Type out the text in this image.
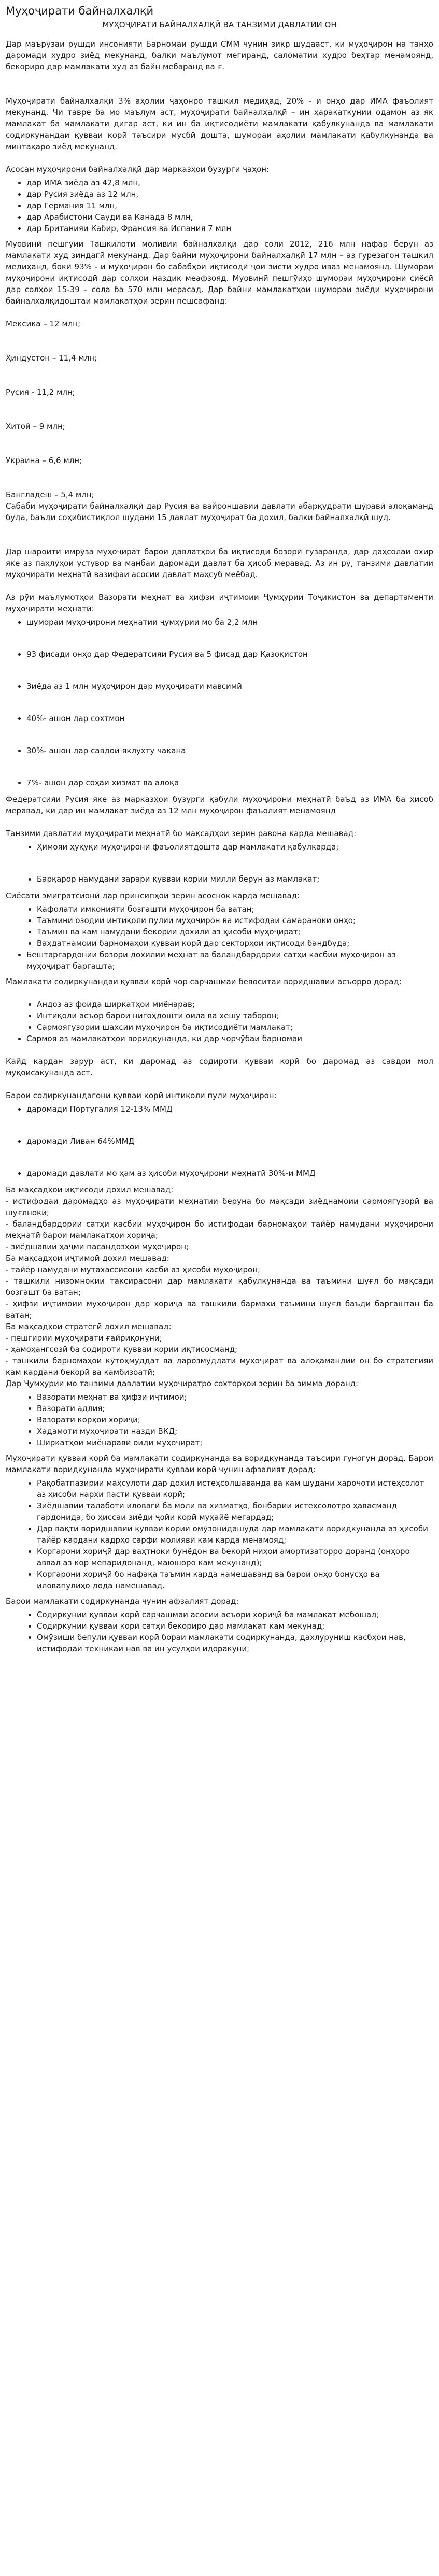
Муҳоҷирати байналхалқӣ
МУҲОҶИРАТИ БАЙНАЛХАЛҚӢ ВА ТАНЗИМИ ДАВЛАТИИ ОН

Дар маърӯзаи рушди инсонияти Барномаи рушди СММ чунин зикр шудааст, ки муҳоҷирон на танҳо даромади худро зиёд мекунанд, балки маълумот мегиранд, саломатии худро беҳтар менамоянд, бекориро дар мамлакати худ аз байн мебаранд ва ғ.

Муҳоҷирати байналхалқӣ 3% аҳолии ҷаҳонро ташкил медиҳад, 20% - и онҳо дар ИМА фаъолият мекунанд. Чи тавре ба мо маълум аст, муҳоҷирати байналхалқӣ – ин ҳаракаткунии одамон аз як мамлакат ба мамлакати дигар аст, ки ин ба иқтисодиёти мамлакати қабулкунанда ва мамлакати содиркунандаи қувваи корӣ таъсири мусбӣ дошта, шумораи аҳолии мамлакати қабулкунанда ва минтақаро зиёд мекунанд.

Асосан муҳоҷирони байналхалқӣ дар марказҳои бузурги ҷаҳон:

• дар ИМА зиёда аз 42,8 млн,
• дар Русия зиёда аз 12 млн,
• дар Германия 11 млн,
• дар Арабистони Саудӣ ва Канада 8 млн,
• дар Британияи Кабир, Франсия ва Испания 7 млн

Муовинӣ пешгӯии Ташкилоти моливии байналхалқӣ дар соли 2012, 216 млн нафар берун аз мамлакати худ зиндагӣ мекунанд. Дар байни муҳоҷирони байналхалқӣ 17 млн – аз гурезагон ташкил медиҳанд, бокӣ 93% - и муҳоҷирон бо сабабҳои иқтисодӣ ҷои зисти худро иваз менамоянд. Шумораи муҳоҷирони иқтисодӣ дар солҳои наздик меафзояд. Муовинӣ пешгӯиҳо шумораи муҳоҷирони сиёсӣ дар солҳои 15-39 – сола ба 570 млн мерасад. Дар байни мамлакатҳои шумораи зиёди муҳоҷирони байналхалқидоштаи мамлакатҳои зерин пешсафанд:

Мексика – 12 млн;

Ҳиндустон – 11,4 млн;

Русия - 11,2 млн;

Хитой – 9 млн;

Украина – 6,6 млн;

Бангладеш – 5,4 млн;

Сабаби муҳоҷирати байналхалқӣ дар Русия ва вайроншавии давлати абарқудрати шӯравӣ алоқаманд буда, баъди соҳибистиқлол шудани 15 давлат муҳоҷират ба дохил, балки байналхалқӣ шуд.

Дар шароити имрӯза муҳоҷират барои давлатҳои ба иқтисоди бозорӣ гузаранда, дар даҳсолаи охир яке аз паҳлӯҳои устувор ва манбаи даромади давлат ба ҳисоб меравад. Аз ин рӯ, танзими давлатии муҳоҷирати меҳнатӣ вазифаи асосии давлат маҳсуб меёбад.

Аз рӯи маълумотҳои Вазорати меҳнат ва ҳифзи иҷтимоии Ҷумҳурии Тоҷикистон ва департаменти муҳоҷирати меҳнатӣ:

• шумораи муҳоҷирони меҳнатии ҷумҳурии мо ба 2,2 млн
• 93 фисади онҳо дар Федератсияи Русия ва 5 фисад дар Қазоқистон
• Зиёда аз 1 млн муҳоҷирон дар муҳоҷирати мавсимӣ
• 40%- ашон дар сохтмон
• 30%- ашон дар савдои яклухту чакана
• 7%- ашон дар соҳаи хизмат ва алоқа

Федератсияи Русия яке аз марказҳои бузурги қабули муҳоҷирони меҳнатӣ баъд аз ИМА ба ҳисоб меравад, ки дар ин мамлакат зиёда аз 12 млн муҳоҷирон фаъолият менамоянд

Танзими давлатии муҳоҷирати меҳнатӣ бо мақсадҳои зерин равона карда мешавад:

• Ҳимояи ҳуқуқи муҳоҷирони фаъолиятдошта дар мамлакати қабулкарда;
• Барқарор намудани зарари қувваи кории миллӣ берун аз мамлакат;

Сиёсати эмигратсионӣ дар принсипҳои зерин асоснок карда мешавад:

• Кафолати имконияти бозгашти муҳоҷирон ба ватан;
• Таъмини озодии интиқоли пулии муҳоҷирон ва истифодаи самараноки онҳо;
• Таъмин ва кам намудани бекории дохилӣ аз ҳисоби муҳоҷират;
• Ваҳдатнамоии барномаҳои қувваи корӣ дар секторҳои иқтисоди бандбуда;
• Бештаргардонии бозори дохилии меҳнат ва баландбардории сатҳи касбии муҳоҷирон аз муҳоҷират баргашта;

Мамлакати содиркунандаи қувваи корӣ чор сарчашмаи бевоситаи воридшавии асъорро дорад:

• Андоз аз фоида ширкатҳои миёнарав;
• Интиқоли асъор барои нигоҳдошти оила ва хешу таборон;
• Сармоягузории шахсии муҳоҷирон ба иқтисодиёти мамлакат;
• Сармоя аз мамлакатҳои воридкунанда, ки дар чорчӯбаи барномаи

Кайд кардан зарур аст, ки даромад аз содироти қувваи корӣ бо даромад аз савдои мол муқоисакунанда аст.

Барои содиркунандагони қувваи корӣ интиқоли пули муҳоҷирон:

• даромади Португалия 12-13% ММД
• даромади Ливан 64%ММД
• даромади давлати мо ҳам аз ҳисоби муҳоҷирони меҳнатӣ 30%-и ММД

Ба мақсадҳои иқтисоди дохил мешавад:

- истифодаи даромадҳо аз муҳоҷирати меҳнатии берунa бо мақсади зиёднамоии сармоягузорӣ ва шуғлнокӣ;

- баландбардории сатҳи касбии муҳоҷирон бо истифодаи барномаҳои тайёр намудани муҳоҷирони меҳнатӣ барои мамлакатҳои хориҷа;

- зиёдшавии ҳаҷми пасандозҳои муҳоҷирон;

Ба мақсадҳои иҷтимоӣ дохил мешавад:

- тайёр намудани мутахассисони касбӣ аз ҳисоби муҳоҷирон;

- ташкили низомнокии таксирасони дар мамлакати қабулкунанда ва таъмини шуғл бо мақсади бозгашт ба ватан;

- ҳифзи иҷтимоии муҳоҷирон дар хориҷа ва ташкили бармахи таъмини шуғл баъди баргаштан ба ватан;

Ба мақсадҳои стратегӣ дохил мешавад:

- пешгирии муҳоҷирати ғайриқонунӣ;

- ҳамоҳангсозӣ ба содироти қувваи кории иқтисосманд;

- ташкили барномаҳои кӯтоҳмуддат ва дарозмуддати муҳоҷират ва алоқамандии он бо стратегияи кам кардани бекорӣ ва камбизоатӣ;

Дар Ҷумҳурии мо танзими давлатии муҳоҷиратро сохторҳои зерин ба зимма доранд:

• Вазорати меҳнат ва ҳифзи иҷтимоӣ;
• Вазорати адлия;
• Вазорати корҳои хориҷӣ;
• Хадамоти муҳоҷирати назди ВКД;
• Ширкатҳои миёнаравӣ оиди муҳоҷират;

Муҳоҷирати қувваи корӣ ба мамлакати содиркунанда ва воридкунанда таъсири гуногун дорад. Барои мамлакати воридкунанда муҳоҷирати қувваи корӣ чунин афзалият дорад:

• Рақобатпазирии маҳсулоти дар дохил истеҳсолшаванда ва кам шудани харочоти истеҳсолот аз ҳисоби нархи пасти қувваи корӣ;
• Зиёдшавии талаботи иловагӣ ба моли ва хизматҳо, бонбарии истеҳсолотро ҳавасманд гардонида, бо ҳиссаи зиёди ҷойи корӣ муҳайё мегардад;
• Дар вақти воридшавии қувваи кории омӯзонидашуда дар мамлакати воридкунанда аз ҳисоби тайёр кардани кадрҳо сарфи молиявӣ кам карда менамояд;
• Коргарони хориҷӣ дар ваҳтноки бунёдон ва бекорӣ ниҳои амортизаторро доранд (онҳоро аввал аз кор мепаридонанд, маюшоро кам мекунанд);
• Коргарони хориҷӣ бо нафақа таъмин карда намешаванд ва барои онҳо бонусҳо ва иловапулиҳо дода намешавад.

Барои мамлакати содиркунанда чунин афзалият дорад:

• Содиркунии қувваи корӣ сарчашмаи асосии асъори хориҷӣ ба мамлакат мебошад;
• Содиркунии қувваи корӣ сатҳи бекориро дар мамлакат кам мекунад;
• Омӯзиши бепули қувваи корӣ бораи мамлакати содиркунанда, дахлуруниш касбҳои нав, истифодаи техникаи нав ва ин усулҳои идоракунӣ;
